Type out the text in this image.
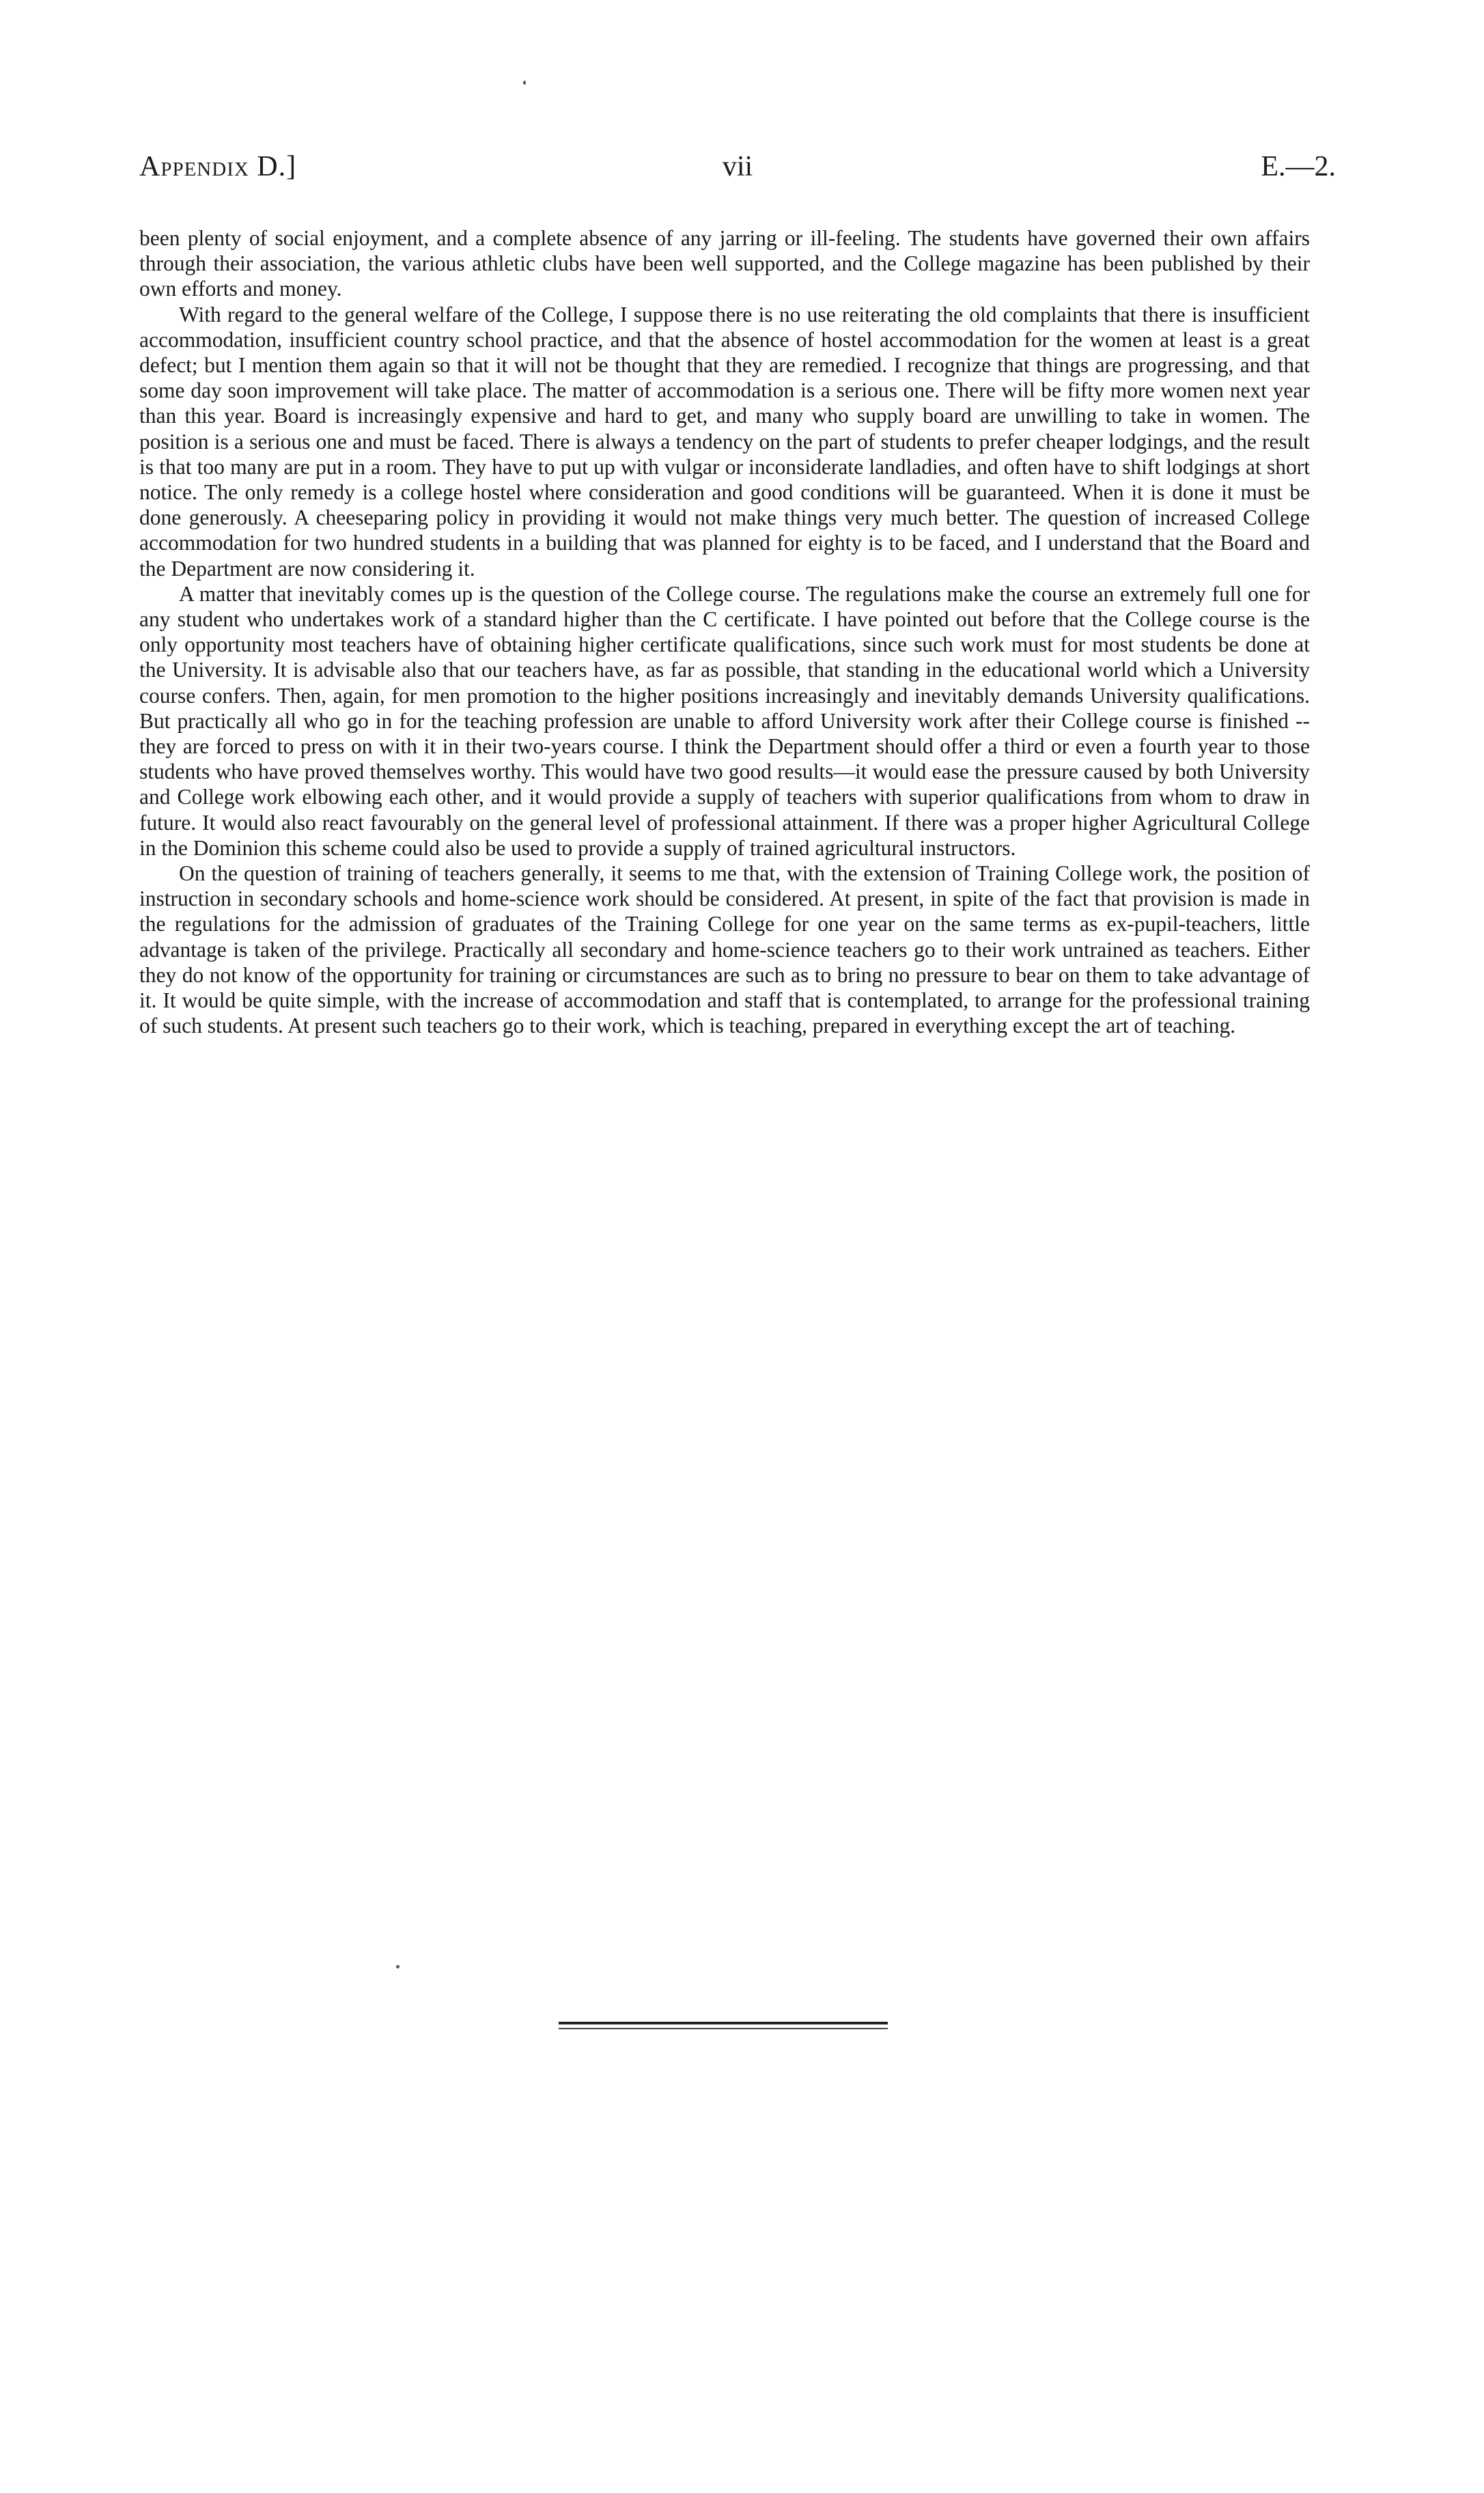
Appendix D.]	vii	E.—2.

been plenty of social enjoyment, and a complete absence of any jarring or ill-feeling. The students have governed their own affairs through their association, the various athletic clubs have been well supported, and the College magazine has been published by their own efforts and money.

With regard to the general welfare of the College, I suppose there is no use reiterating the old complaints that there is insufficient accommodation, insufficient country school practice, and that the absence of hostel accommodation for the women at least is a great defect; but I mention them again so that it will not be thought that they are remedied. I recognize that things are progressing, and that some day soon improvement will take place. The matter of accommodation is a serious one. There will be fifty more women next year than this year. Board is increasingly expensive and hard to get, and many who supply board are unwilling to take in women. The position is a serious one and must be faced. There is always a tendency on the part of students to prefer cheaper lodgings, and the result is that too many are put in a room. They have to put up with vulgar or inconsiderate landladies, and often have to shift lodgings at short notice. The only remedy is a college hostel where consideration and good conditions will be guaranteed. When it is done it must be done generously. A cheeseparing policy in providing it would not make things very much better. The question of increased College accommodation for two hundred students in a building that was planned for eighty is to be faced, and I understand that the Board and the Department are now considering it.

A matter that inevitably comes up is the question of the College course. The regulations make the course an extremely full one for any student who undertakes work of a standard higher than the C certificate. I have pointed out before that the College course is the only opportunity most teachers have of obtaining higher certificate qualifications, since such work must for most students be done at the University. It is advisable also that our teachers have, as far as possible, that standing in the educational world which a University course confers. Then, again, for men promotion to the higher positions increasingly and inevitably demands University qualifications. But practically all who go in for the teaching profession are unable to afford University work after their College course is finished --they are forced to press on with it in their two-years course. I think the Department should offer a third or even a fourth year to those students who have proved themselves worthy. This would have two good results—it would ease the pressure caused by both University and College work elbowing each other, and it would provide a supply of teachers with superior qualifications from whom to draw in future. It would also react favourably on the general level of professional attainment. If there was a proper higher Agricultural College in the Dominion this scheme could also be used to provide a supply of trained agricultural instructors.

On the question of training of teachers generally, it seems to me that, with the extension of Training College work, the position of instruction in secondary schools and home-science work should be considered. At present, in spite of the fact that provision is made in the regulations for the admission of graduates of the Training College for one year on the same terms as ex-pupil-teachers, little advantage is taken of the privilege. Practically all secondary and home-science teachers go to their work untrained as teachers. Either they do not know of the opportunity for training or circumstances are such as to bring no pressure to bear on them to take advantage of it. It would be quite simple, with the increase of accommodation and staff that is contemplated, to arrange for the professional training of such students. At present such teachers go to their work, which is teaching, prepared in everything except the art of teaching.
